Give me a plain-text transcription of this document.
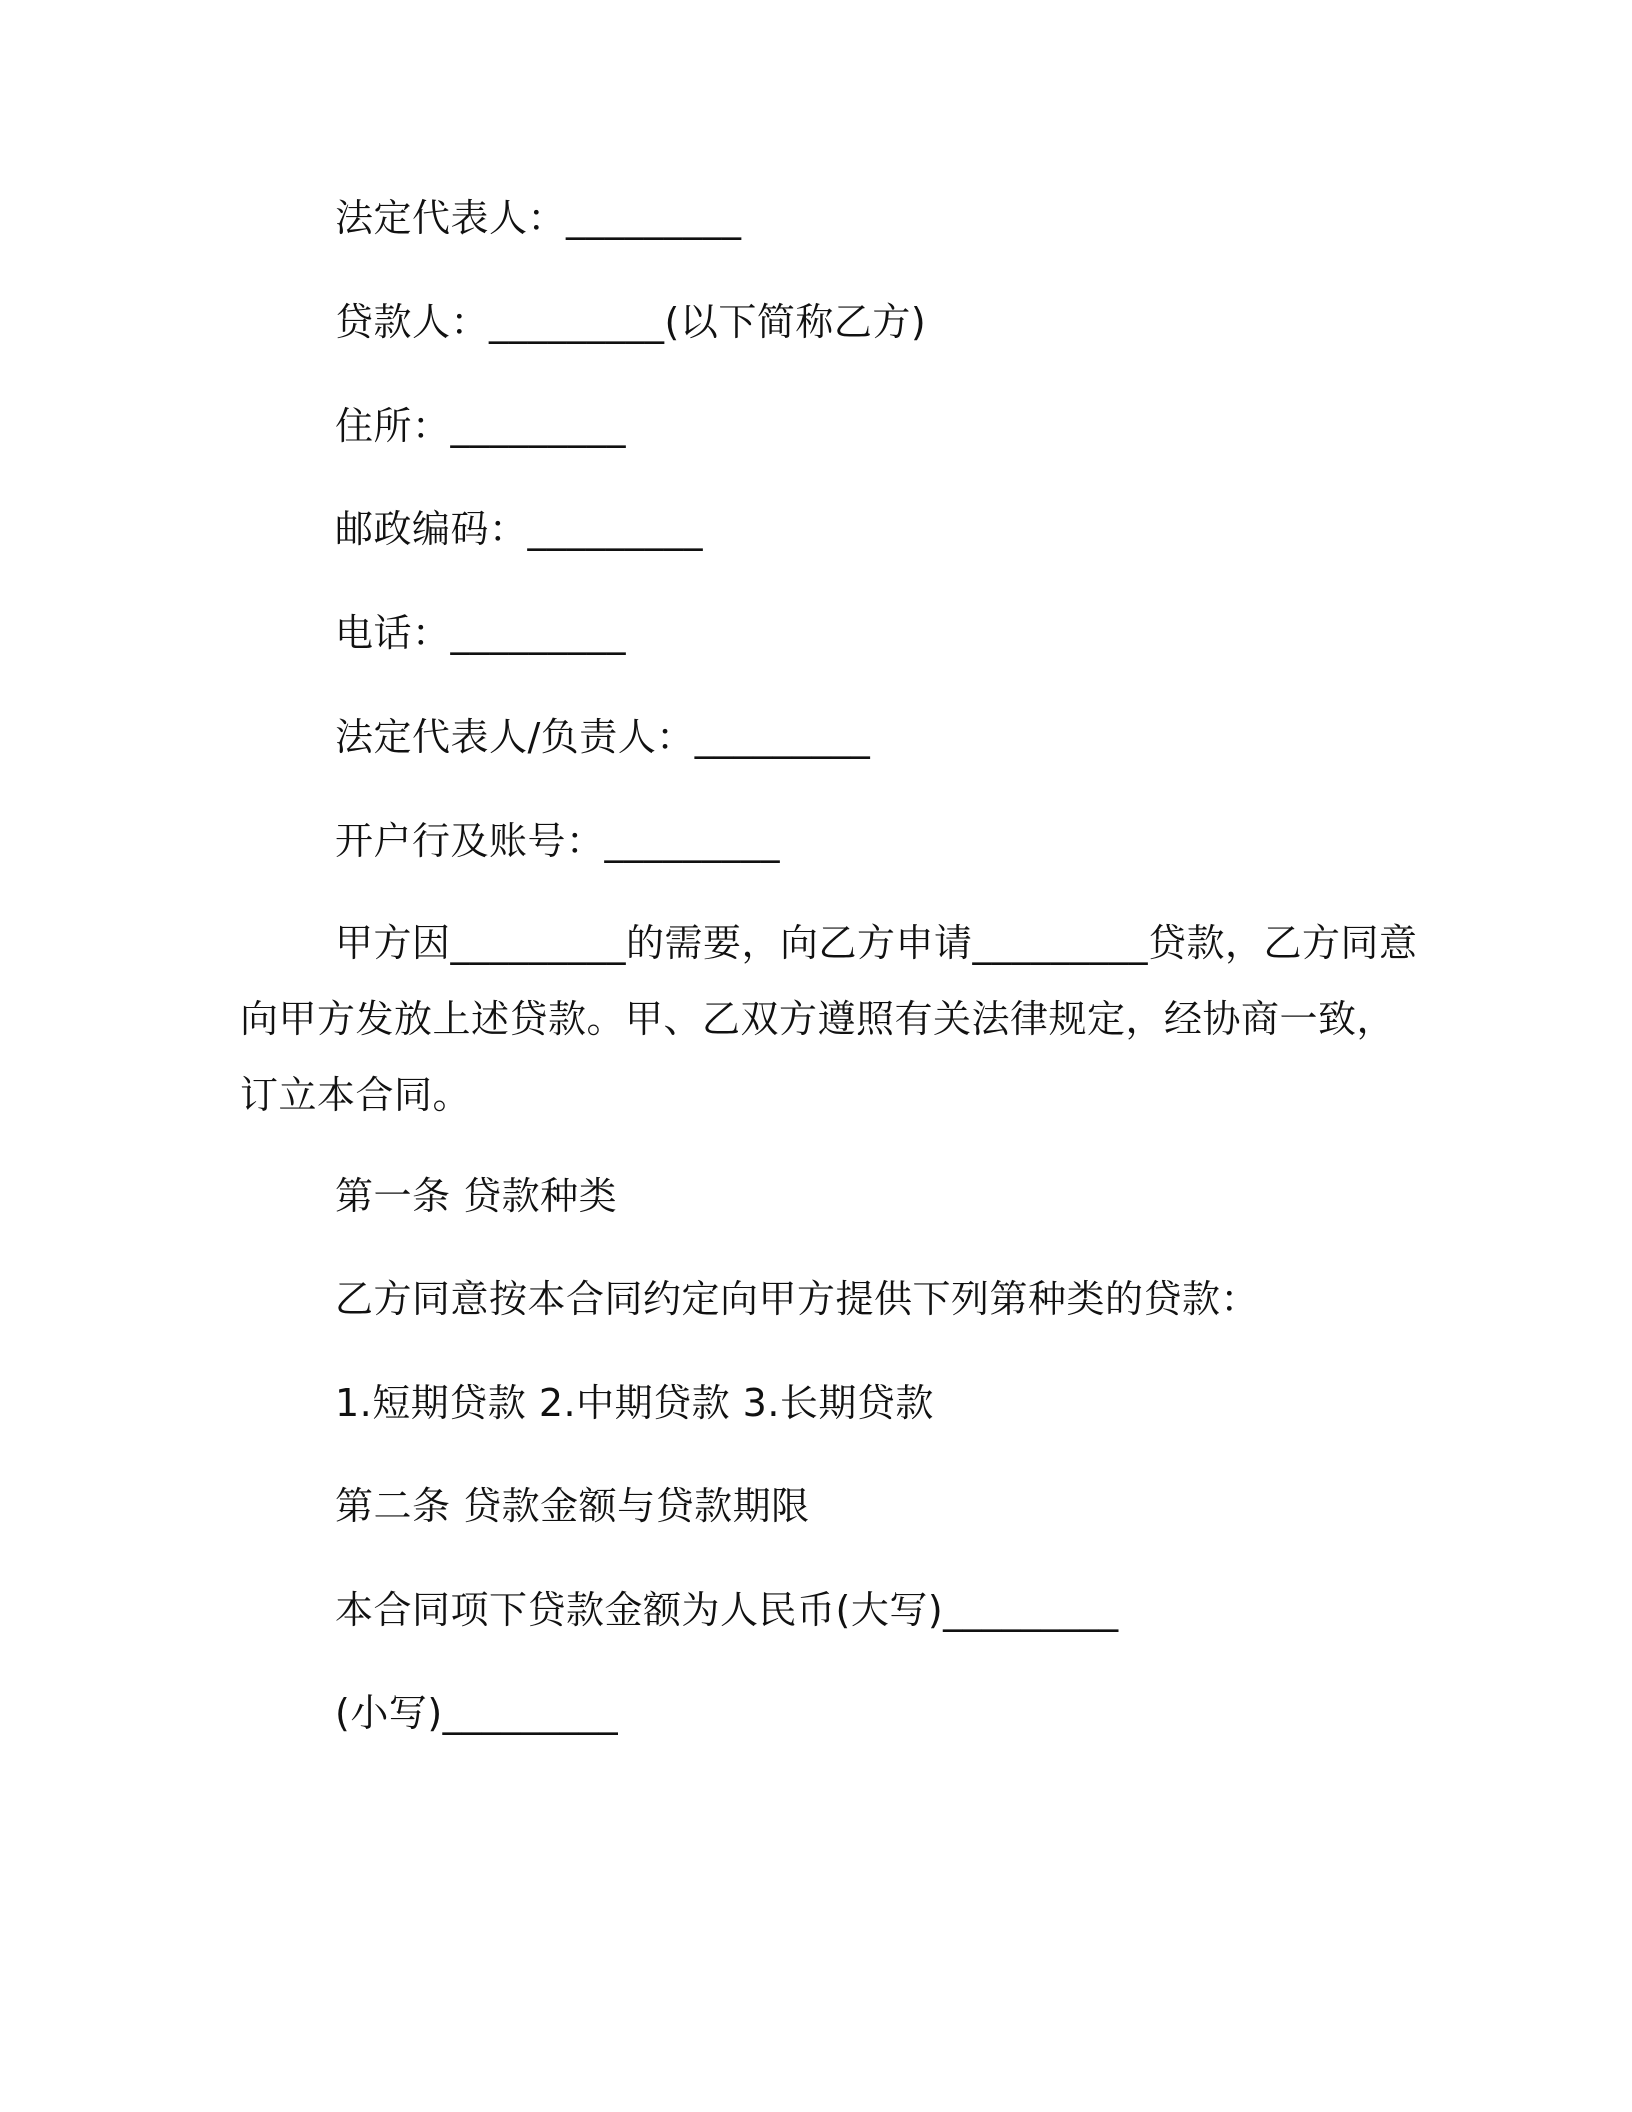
法定代表人：_________
贷款人：_________(以下简称乙方)
住所：_________
邮政编码：_________
电话：_________
法定代表人/负责人：_________
开户行及账号：_________
甲方因_________的需要，向乙方申请_________贷款，乙方同意
向甲方发放上述贷款。甲、乙双方遵照有关法律规定，经协商一致，
订立本合同。
第一条 贷款种类
乙方同意按本合同约定向甲方提供下列第种类的贷款：
1.短期贷款 2.中期贷款 3.长期贷款
第二条 贷款金额与贷款期限
本合同项下贷款金额为人民币(大写)_________
(小写)_________
